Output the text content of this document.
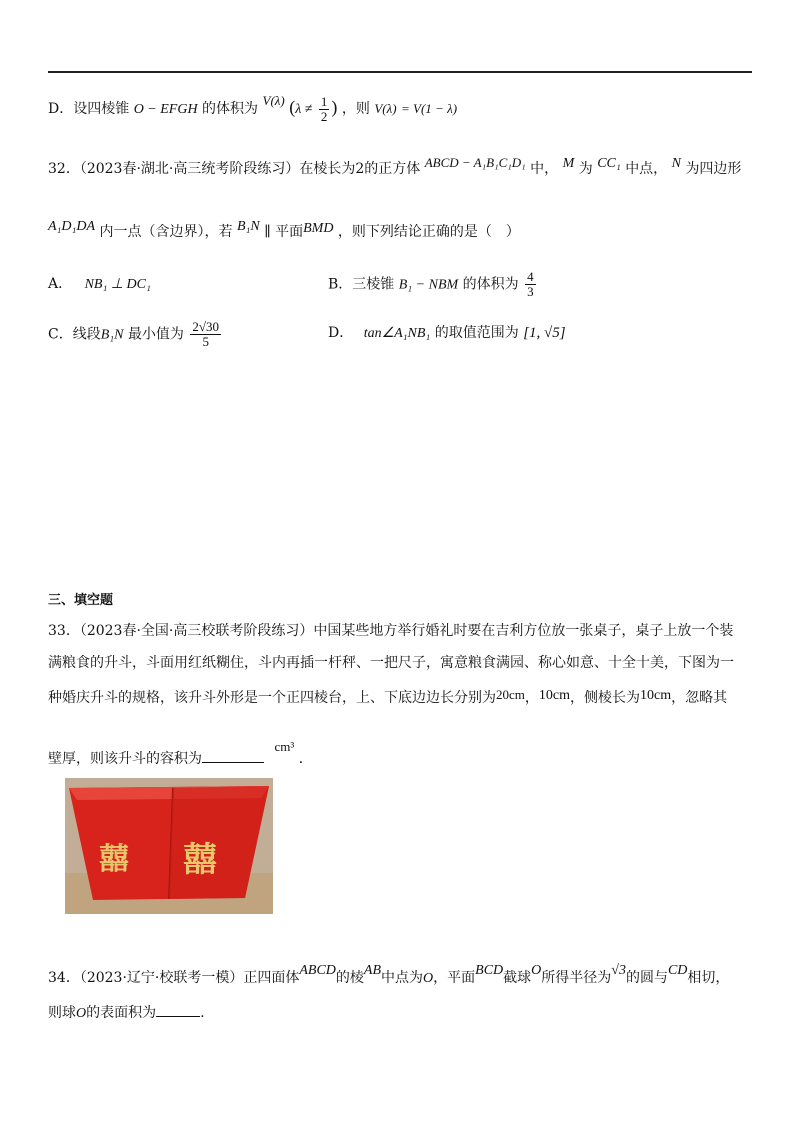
D．设四棱锥 O − EFGH 的体积为 V(λ) ($\lambda \ne \frac{1}{2}$ ) ，则 V(λ) = V(1 − λ)
32．（2023春·湖北·高三统考阶段练习）在棱长为2的正方体 ABCD − A₁B₁C₁D₁ 中， M 为 CC₁ 中点， N 为四边形
A₁D₁DA 内一点（含边界），若 B₁N ∥ 平面BMD ，则下列结论正确的是（　）
A． NB₁ ⊥ DC₁	B．三棱锥 B₁ − NBM 的体积为 $\frac{4}{3}$
C．线段B₁N 最小值为 $\frac{2√30}{5}$	D． tan∠A₁NB₁ 的取值范围为 [1, √5]
三、填空题
33．（2023春·全国·高三校联考阶段练习）中国某些地方举行婚礼时要在吉利方位放一张桌子，桌子上放一个装
满粮食的升斗，斗面用红纸糊住，斗内再插一杆秤、一把尺子，寓意粮食满园、称心如意、十全十美，下图为一
种婚庆升斗的规格，该升斗外形是一个正四棱台，上、下底边边长分别为20cm，10cm，侧棱长为10cm，忽略其
壁厚，则该升斗的容积为 cm³ ．
囍 囍
34．（2023·辽宁·校联考一模）正四面体ABCD的棱AB中点为O，平面BCD截球O所得半径为√3的圆与CD相切，
则球O的表面积为	.
